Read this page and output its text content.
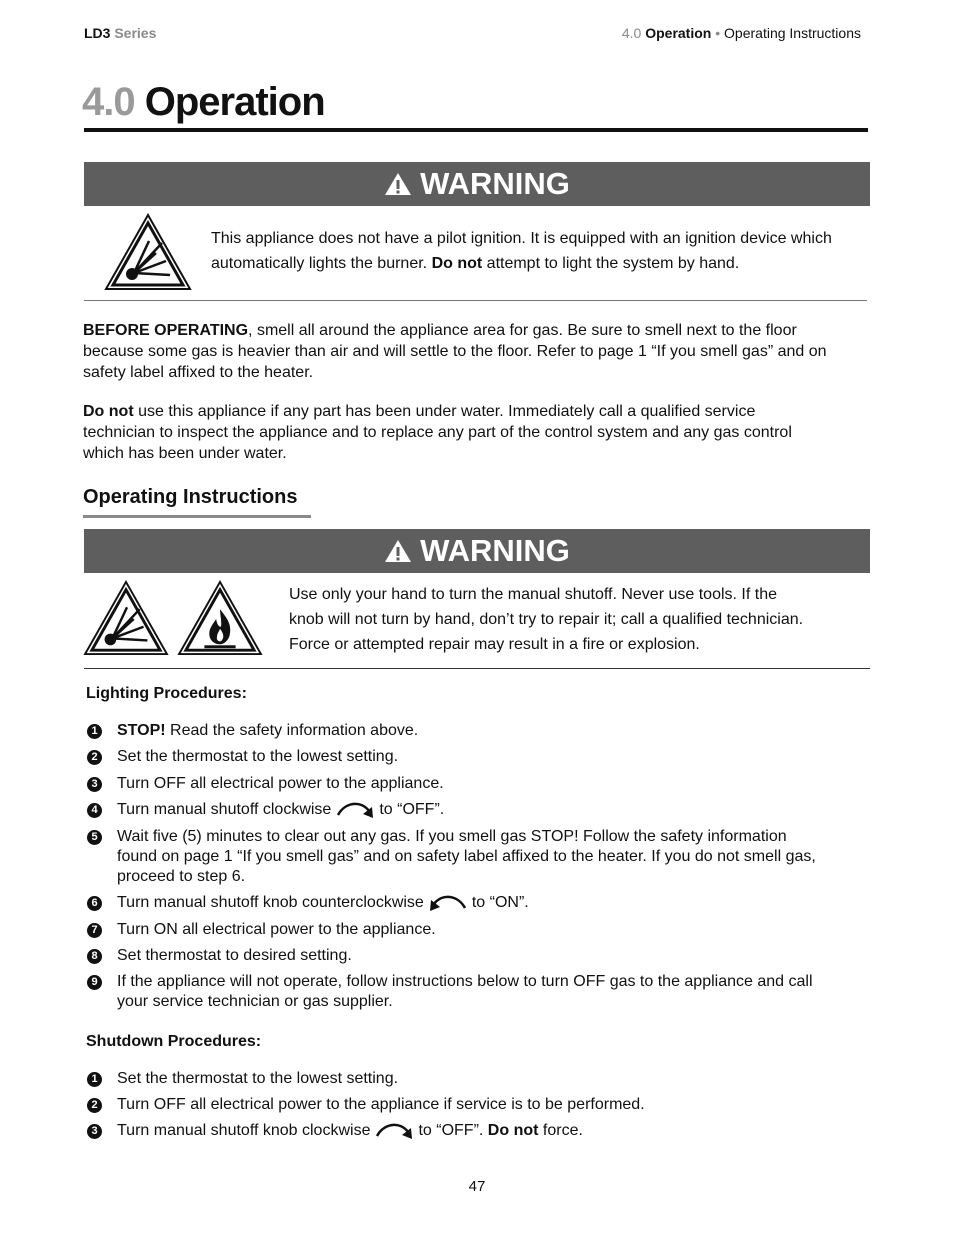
LD3 Series	4.0 Operation • Operating Instructions
4.0 Operation
WARNING
This appliance does not have a pilot ignition. It is equipped with an ignition device which
automatically lights the burner. Do not attempt to light the system by hand.
BEFORE OPERATING, smell all around the appliance area for gas. Be sure to smell next to the floor
because some gas is heavier than air and will settle to the floor. Refer to page 1 “If you smell gas” and on
safety label affixed to the heater.
Do not use this appliance if any part has been under water. Immediately call a qualified service
technician to inspect the appliance and to replace any part of the control system and any gas control
which has been under water.
Operating Instructions
WARNING
Use only your hand to turn the manual shutoff. Never use tools. If the
knob will not turn by hand, don’t try to repair it; call a qualified technician.
Force or attempted repair may result in a fire or explosion.
Lighting Procedures:
1 STOP! Read the safety information above.
2 Set the thermostat to the lowest setting.
3 Turn OFF all electrical power to the appliance.
4 Turn manual shutoff clockwise	to “OFF”.
5 Wait five (5) minutes to clear out any gas. If you smell gas STOP! Follow the safety information
found on page 1 “If you smell gas” and on safety label affixed to the heater. If you do not smell gas,
proceed to step 6.
6 Turn manual shutoff knob counterclockwise	to “ON”.
7 Turn ON all electrical power to the appliance.
8 Set thermostat to desired setting.
9 If the appliance will not operate, follow instructions below to turn OFF gas to the appliance and call
your service technician or gas supplier.
Shutdown Procedures:
1 Set the thermostat to the lowest setting.
2 Turn OFF all electrical power to the appliance if service is to be performed.
3 Turn manual shutoff knob clockwise	to “OFF”. Do not force.
47
